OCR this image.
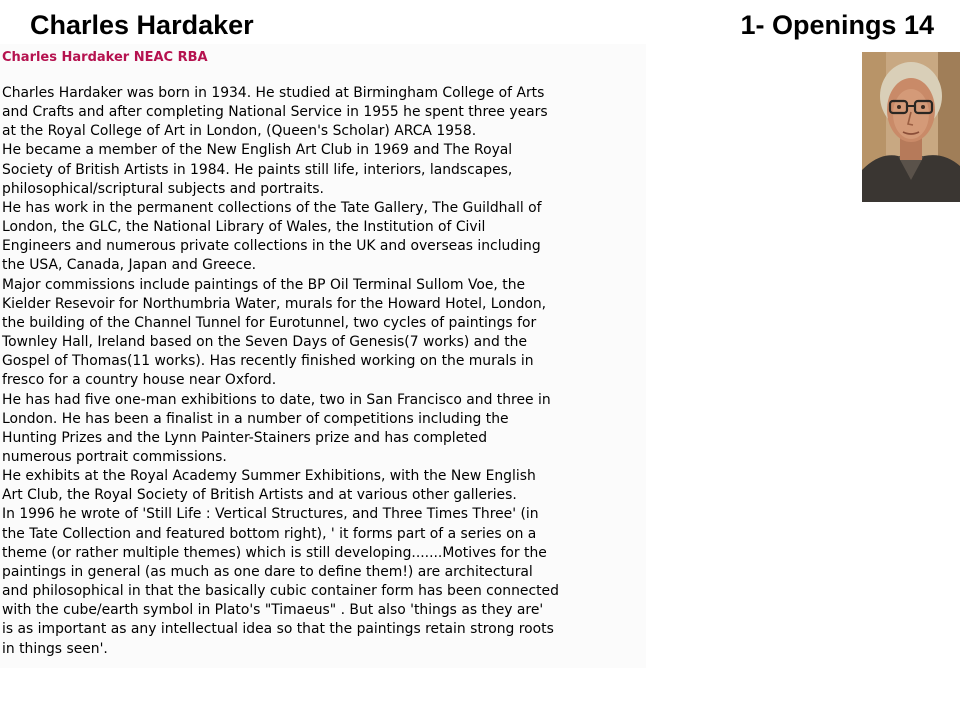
Charles Hardaker	1- Openings 14
Charles Hardaker NEAC RBA
Charles Hardaker was born in 1934. He studied at Birmingham College of Arts
and Crafts and after completing National Service in 1955 he spent three years
at the Royal College of Art in London, (Queen's Scholar) ARCA 1958.
He became a member of the New English Art Club in 1969 and The Royal
Society of British Artists in 1984. He paints still life, interiors, landscapes,
philosophical/scriptural subjects and portraits.
He has work in the permanent collections of the Tate Gallery, The Guildhall of
London, the GLC, the National Library of Wales, the Institution of Civil
Engineers and numerous private collections in the UK and overseas including
the USA, Canada, Japan and Greece.
Major commissions include paintings of the BP Oil Terminal Sullom Voe, the
Kielder Resevoir for Northumbria Water, murals for the Howard Hotel, London,
the building of the Channel Tunnel for Eurotunnel, two cycles of paintings for
Townley Hall, Ireland based on the Seven Days of Genesis(7 works) and the
Gospel of Thomas(11 works). Has recently finished working on the murals in
fresco for a country house near Oxford.
He has had five one-man exhibitions to date, two in San Francisco and three in
London. He has been a finalist in a number of competitions including the
Hunting Prizes and the Lynn Painter-Stainers prize and has completed
numerous portrait commissions.
He exhibits at the Royal Academy Summer Exhibitions, with the New English
Art Club, the Royal Society of British Artists and at various other galleries.
In 1996 he wrote of 'Still Life : Vertical Structures, and Three Times Three' (in
the Tate Collection and featured bottom right), ' it forms part of a series on a
theme (or rather multiple themes) which is still developing.......Motives for the
paintings in general (as much as one dare to define them!) are architectural
and philosophical in that the basically cubic container form has been connected
with the cube/earth symbol in Plato's "Timaeus" . But also 'things as they are'
is as important as any intellectual idea so that the paintings retain strong roots
in things seen'.
